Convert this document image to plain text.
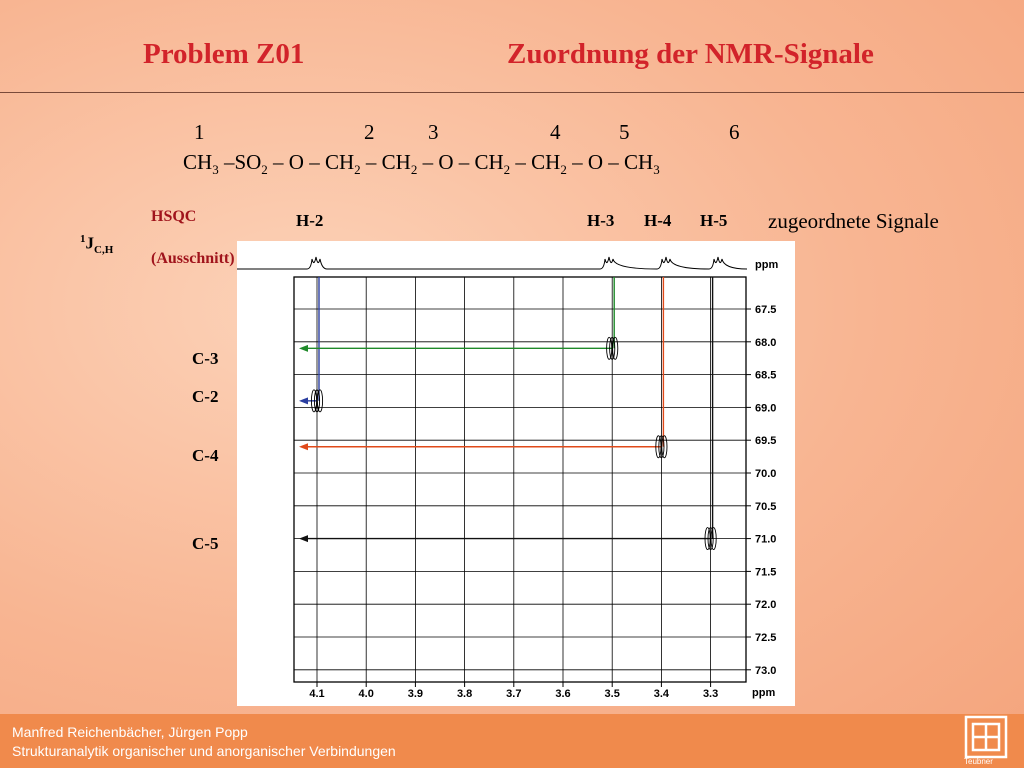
Problem Z01	Zuordnung der NMR-Signale
1	2	3	4	5	6
$CH_3$ $-SO_2$ – O – $CH_2 - CH_2$ – O – $CH_2 - CH_2$ – O – $CH_3$
HSQC
(Ausschnitt)
$^1J_{C,H}$
H-2	H-3 H-4 H-5 zugeordnete Signale
C-3
C-2
C-4
C-5
ppm
67.5
68.0
68.5
69.0
69.5
70.0
70.5
71.0
71.5
72.0
72.5
73.0
4.1	4.0	3.9	3.8	3.7	3.6	3.5	3.4	3.3	ppm
Manfred Reichenbächer, Jürgen Popp
Strukturanalytik organischer und anorganischer Verbindungen
Teubner
